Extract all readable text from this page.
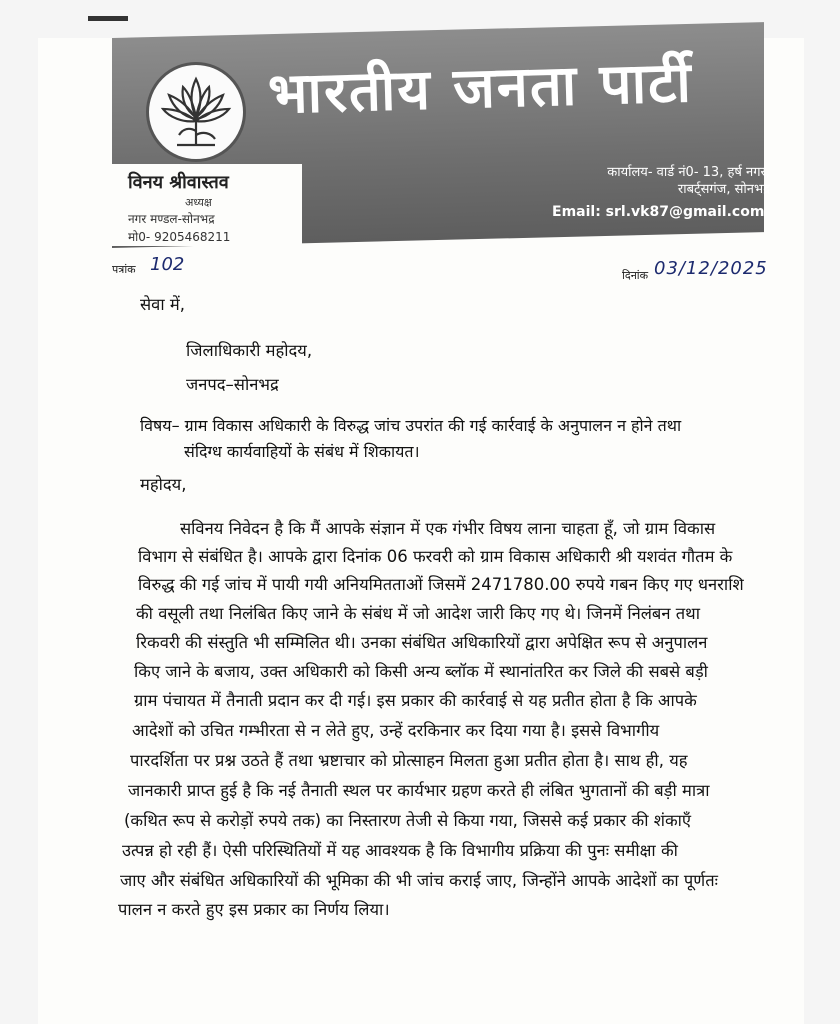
भारतीय जनता पार्टी
विनय श्रीवास्तव
अध्यक्ष
नगर मण्डल-सोनभद्र
मो0- 9205468211
कार्यालय- वार्ड नं0- 13, हर्ष नगर,
राबर्ट्सगंज, सोनभद्र
Email: srl.vk87@gmail.com
पत्रांक 102
दिनांक 03/12/2025
सेवा में,
जिलाधिकारी महोदय,
जनपद–सोनभद्र
विषय– ग्राम विकास अधिकारी के विरुद्ध जांच उपरांत की गई कार्रवाई के अनुपालन न होने तथा
संदिग्ध कार्यवाहियों के संबंध में शिकायत।
महोदय,
सविनय निवेदन है कि मैं आपके संज्ञान में एक गंभीर विषय लाना चाहता हूँ, जो ग्राम विकास
विभाग से संबंधित है। आपके द्वारा दिनांक 06 फरवरी को ग्राम विकास अधिकारी श्री यशवंत गौतम के
विरुद्ध की गई जांच में पायी गयी अनियमितताओं जिसमें 2471780.00 रुपये गबन किए गए धनराशि
की वसूली तथा निलंबित किए जाने के संबंध में जो आदेश जारी किए गए थे। जिनमें निलंबन तथा
रिकवरी की संस्तुति भी सम्मिलित थी। उनका संबंधित अधिकारियों द्वारा अपेक्षित रूप से अनुपालन
किए जाने के बजाय, उक्त अधिकारी को किसी अन्य ब्लॉक में स्थानांतरित कर जिले की सबसे बड़ी
ग्राम पंचायत में तैनाती प्रदान कर दी गई। इस प्रकार की कार्रवाई से यह प्रतीत होता है कि आपके
आदेशों को उचित गम्भीरता से न लेते हुए, उन्हें दरकिनार कर दिया गया है। इससे विभागीय
पारदर्शिता पर प्रश्न उठते हैं तथा भ्रष्टाचार को प्रोत्साहन मिलता हुआ प्रतीत होता है। साथ ही, यह
जानकारी प्राप्त हुई है कि नई तैनाती स्थल पर कार्यभार ग्रहण करते ही लंबित भुगतानों की बड़ी मात्रा
(कथित रूप से करोड़ों रुपये तक) का निस्तारण तेजी से किया गया, जिससे कई प्रकार की शंकाएँ
उत्पन्न हो रही हैं। ऐसी परिस्थितियों में यह आवश्यक है कि विभागीय प्रक्रिया की पुनः समीक्षा की
जाए और संबंधित अधिकारियों की भूमिका की भी जांच कराई जाए, जिन्होंने आपके आदेशों का पूर्णतः
पालन न करते हुए इस प्रकार का निर्णय लिया।
